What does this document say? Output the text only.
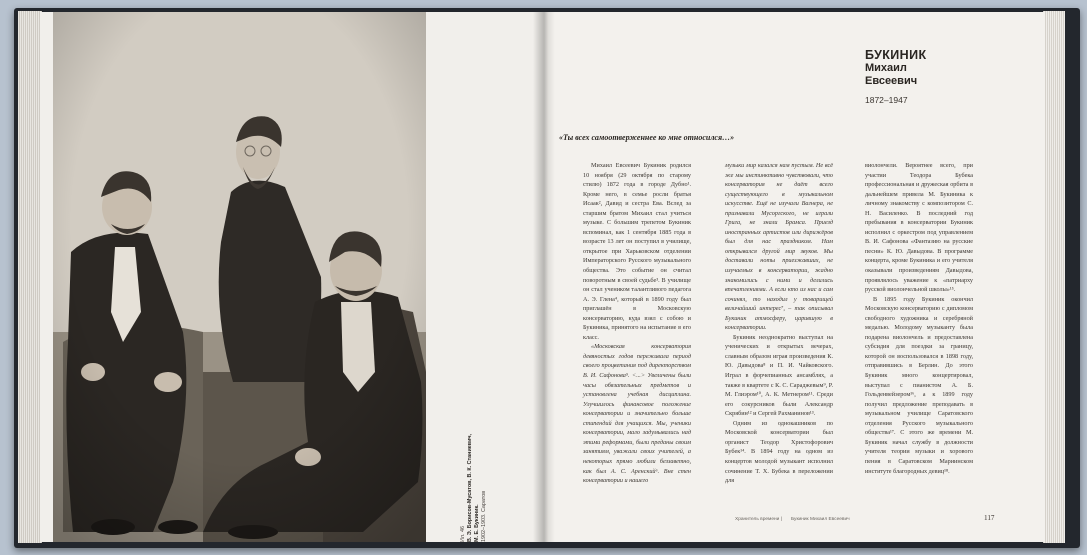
Ил. 46 В. Э. Борисов-Мусатов, В. К. Станиевич, М. Е. Букиник. 1902–1903. Саратов
БУКИНИК
Михаил
Евсеевич
1872–1947
«Ты всех самоотверженнее ко мне относился…»

Михаил Евсеевич Букиник родился 10 ноября (29 октября по старому стилю) 1872 года в городе Дубно¹. Кроме него, в семье росли братья Исаак², Давид и сестра Ева. Вслед за старшим братом Михаил стал учиться музыке. С большим трепетом Букиник вспоминал, как 1 сентября 1885 года в возрасте 13 лет он поступил в училище, открытое при Харьковском отделении Императорского Русского музыкального общества. Это событие он считал поворотным в своей судьбе³. В училище он стал учеником талантливого педагога А. Э. Глена⁴, который в 1890 году был приглашён в Московскую консерваторию, куда взял с собою и Букиника, принятого на испытание в его класс.

«Московская консерватория девяностых годов переживала период своего процветания под директорством В. И. Сафонова⁵. <...> Увеличены были часы обязательных предметов и установлена учебная дисциплина. Улучшилось финансовое положение консерватории и значительно больше стипендий для учащихся. Мы, ученики консерватории, мало задумывались над этими реформами, были преданы своим занятиям, уважали своих учителей, а некоторых прямо любили беззаветно, как был А. С. Аренский⁶. Вне стен консерватории и нашего

музыки мир казался нам пустым. Не всё же мы инстинктивно чувствовали, что консерватория не даёт всего существующего в музыкальном искусстве. Ещё не изучали Вагнера, не признавали Мусоргского, не играли Грига, не знали Брамса. Приезд иностранных артистов или дирижёров был для нас праздником. Нам открывался другой мир звуков. Мы доставали ноты приезжавших, не изучаемых в консерватории, жадно знакомились с ними и делились впечатлениями. А если кто из нас и сам сочинял, то находил у товарищей величайший интерес⁷, – так описывал Букиник атмосферу, царившую в консерватории.

Букиник неоднократно выступал на ученических и открытых вечерах, славным образом играя произведения К. Ю. Давыдова⁸ и П. И. Чайковского. Играл в форчепианных ансамблях, а также в квартете с К. С. Сараджевым⁹, Р. М. Глиэром¹⁰, А. К. Метнером¹¹. Среди его сокурсников были Александр Скрябин¹² и Сергей Рахманинов¹³.

Одним из однокашников по Московской консерватории был органист Теодор Христофорович Бубек¹⁴. В 1894 году на одном из концертов молодой музыкант исполнил сочинение Т. Х. Бубека в переложении для

виолончели. Вероятнее всего, при участии Теодора Бубека профессиональная и дружеская орбита в дальнейшем привела М. Букиника к личному знакомству с композитором С. Н. Василенко. В последний год пребывания в консерватории Букиник исполнил с оркестром под управлением В. И. Сафонова «Фантазию на русские песни» К. Ю. Давыдова. В программе концерта, кроме Букиника и его учителя оказывали произведениям Давыдова, проявлялось уважение к «патриарху русской виолончельной школы»¹⁵.

В 1895 году Букиник окончил Московскую консерваторию с дипломом свободного художника и серебряной медалью. Молодому музыканту была подарена виолончель и предоставлена субсидия для поездки за границу, которой он воспользовался в 1898 году, отправившись в Берлин. До этого Букиник много концертировал, выступал с пианистом А. Б. Гольденвейзером¹⁶, а к 1899 году получил предложение преподавать в музыкальном училище Саратовского отделения Русского музыкального общества¹⁷. С этого же времени М. Букиник начал службу в должности учителя теории музыки и хорового пения в Саратовском Мариинском институте благородных девиц¹⁸.

Хранитель времени | Букиник Михаил Евсеевич	117
